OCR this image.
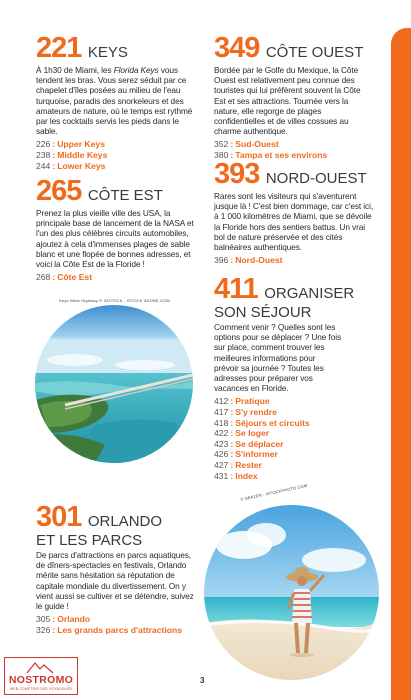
221 KEYS
À 1h30 de Miami, les Florida Keys vous tendent les bras. Vous serez séduit par ce chapelet d'îles posées au milieu de l'eau turquoise, paradis des snorkeleurs et des amateurs de nature, où le temps est rythmé par les cocktails servis les pieds dans le sable.
226 : Upper Keys
238 : Middle Keys
244 : Lower Keys
265 CÔTE EST
Prenez la plus vieille ville des USA, la principale base de lancement de la NASA et l'un des plus célèbres circuits automobiles, ajoutez à cela d'immenses plages de sable blanc et une flopée de bonnes adresses, et voici la Côte Est de la Floride !
268 : Côte Est
Keys West Highway © IG3TOCK - ISTOCK ADOBE.COM
301 ORLANDO
ET LES PARCS
De parcs d'attractions en parcs aquatiques, de dîners-spectacles en festivals, Orlando mérite sans hésitation sa réputation de capitale mondiale du divertissement. On y vient aussi se cultiver et se détendre, suivez le guide !
305 : Orlando
326 : Les grands parcs d'attractions
349 CÔTE OUEST
Bordée par le Golfe du Mexique, la Côte Ouest est relativement peu connue des touristes qui lui préfèrent souvent la Côte Est et ses attractions. Tournée vers la nature, elle regorge de plages confidentielles et de villes cossues au charme authentique.
352 : Sud-Ouest
380 : Tampa et ses environs
393 NORD-OUEST
Rares sont les visiteurs qui s'aventurent jusque là ! C'est bien dommage, car c'est ici, à 1 000 kilomètres de Miami, que se dévoile la Floride hors des sentiers battus. Un vrai bol de nature préservée et des cités balnéaires authentiques.
396 : Nord-Ouest
411 ORGANISER
SON SÉJOUR
Comment venir ? Quelles sont les options pour se déplacer ? Une fois sur place, comment trouver les meilleures informations pour prévoir sa journée ? Toutes les adresses pour préparer vos vacances en Floride.
412 : Pratique
417 : S'y rendre
418 : Séjours et circuits
422 : Se loger
423 : Se déplacer
426 : S'informer
427 : Rester
431 : Index
© SBAZEN - ISTOCKPHOTO.COM
3
NOSTROMO
WEB COMPTOIR DES VOYAGEURS
